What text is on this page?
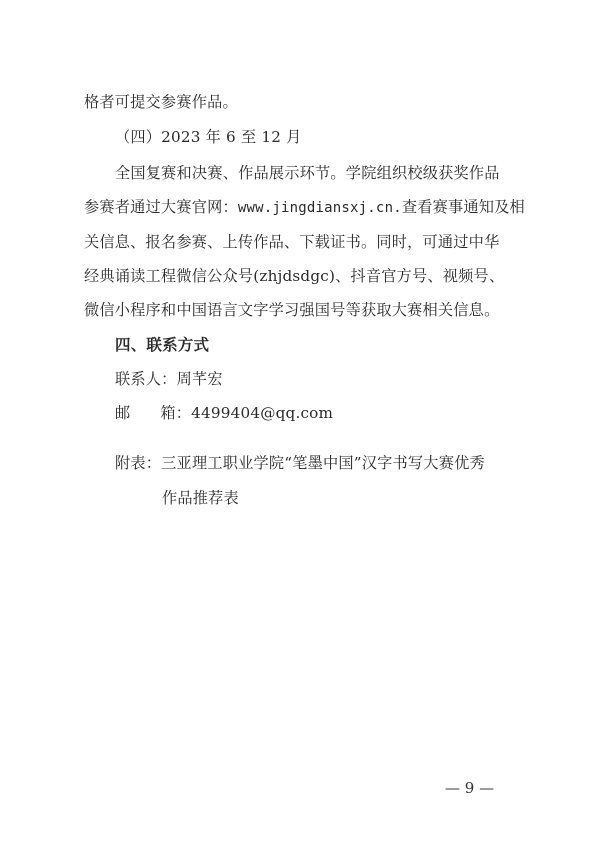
格者可提交参赛作品。
（四）2023 年 6 至 12 月
全国复赛和决赛、作品展示环节。学院组织校级获奖作品
参赛者通过大赛官网：www.jingdiansxj.cn.查看赛事通知及相
关信息、报名参赛、上传作品、下载证书。同时，可通过中华
经典诵读工程微信公众号(zhjdsdgc)、抖音官方号、视频号、
微信小程序和中国语言文字学习强国号等获取大赛相关信息。
四、联系方式
联系人：周芊宏
邮 箱：4499404@qq.com
附表：三亚理工职业学院“笔墨中国”汉字书写大赛优秀
作品推荐表
— 9 —
